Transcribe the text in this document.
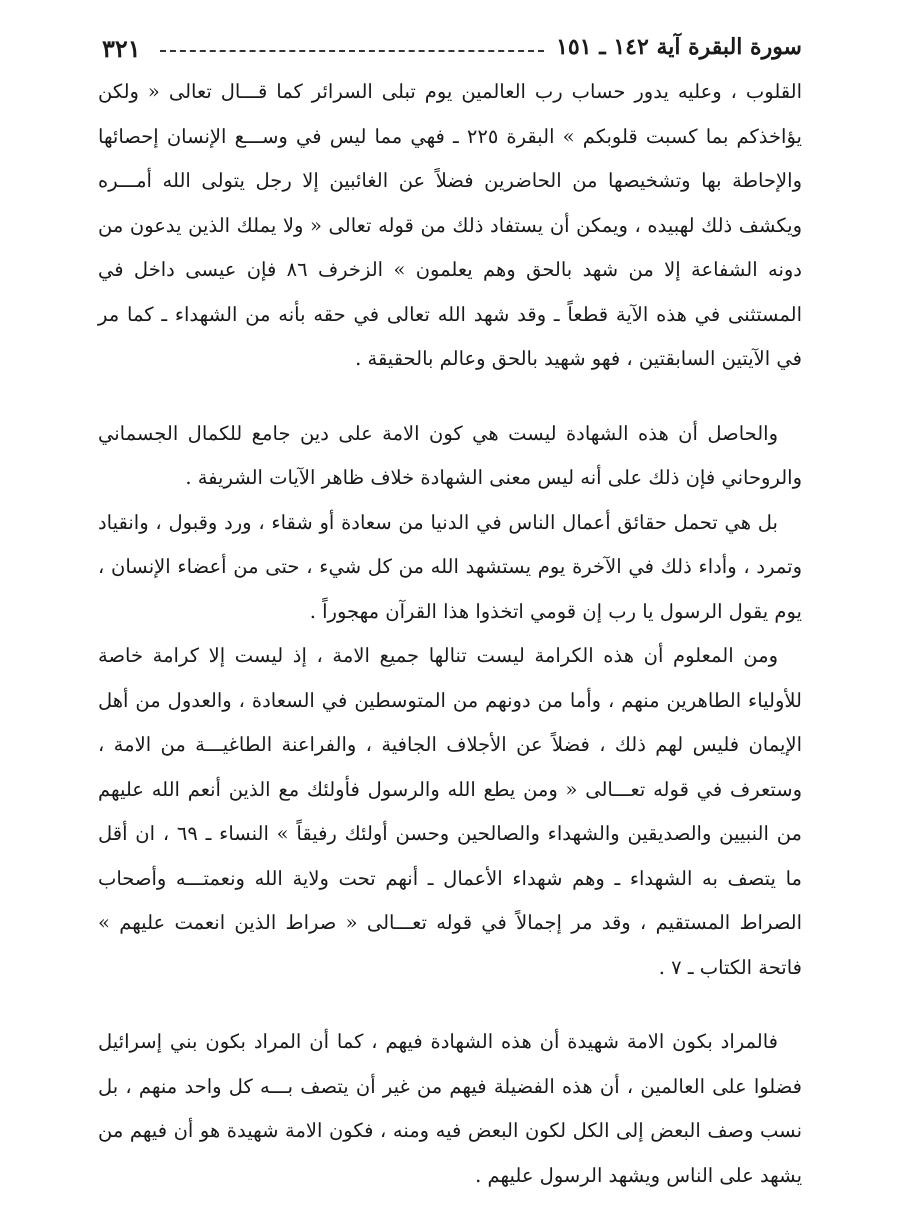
٣٢١	سورة البقرة آية ١٤٢ ـ ١٥١

القلوب ، وعليه يدور حساب رب العالمين يوم تبلى السرائر كما قـــال تعالى « ولكن يؤاخذكم بما كسبت قلوبكم » البقرة ٢٢٥ ـ فهي مما ليس في وســـع الإنسان إحصائها والإحاطة بها وتشخيصها من الحاضرين فضلاً عن الغائبين إلا رجل يتولى الله أمـــره ويكشف ذلك لهبيده ، ويمكن أن يستفاد ذلك من قوله تعالى « ولا يملك الذين يدعون من دونه الشفاعة إلا من شهد بالحق وهم يعلمون » الزخرف ٨٦ فإن عيسى داخل في المستثنى في هذه الآية قطعاً ـ وقد شهد الله تعالى في حقه بأنه من الشهداء ـ كما مر في الآيتين السابقتين ، فهو شهيد بالحق وعالم بالحقيقة .

والحاصل أن هذه الشهادة ليست هي كون الامة على دين جامع للكمال الجسماني والروحاني فإن ذلك على أنه ليس معنى الشهادة خلاف ظاهر الآيات الشريفة .

بل هي تحمل حقائق أعمال الناس في الدنيا من سعادة أو شقاء ، ورد وقبول ، وانقياد وتمرد ، وأداء ذلك في الآخرة يوم يستشهد الله من كل شيء ، حتى من أعضاء الإنسان ، يوم يقول الرسول يا رب إن قومي اتخذوا هذا القرآن مهجوراً .

ومن المعلوم أن هذه الكرامة ليست تنالها جميع الامة ، إذ ليست إلا كرامة خاصة للأولياء الطاهرين منهم ، وأما من دونهم من المتوسطين في السعادة ، والعدول من أهل الإيمان فليس لهم ذلك ، فضلاً عن الأجلاف الجافية ، والفراعنة الطاغيـــة من الامة ، وستعرف في قوله تعـــالى « ومن يطع الله والرسول فأولئك مع الذين أنعم الله عليهم من النبيين والصديقين والشهداء والصالحين وحسن أولئك رفيقاً » النساء ـ ٦٩ ، ان أقل ما يتصف به الشهداء ـ وهم شهداء الأعمال ـ أنهم تحت ولاية الله ونعمتـــه وأصحاب الصراط المستقيم ، وقد مر إجمالاً في قوله تعـــالى « صراط الذين انعمت عليهم » فاتحة الكتاب ـ ٧ .

فالمراد بكون الامة شهيدة أن هذه الشهادة فيهم ، كما أن المراد بكون بني إسرائيل فضلوا على العالمين ، أن هذه الفضيلة فيهم من غير أن يتصف بـــه كل واحد منهم ، بل نسب وصف البعض إلى الكل لكون البعض فيه ومنه ، فكون الامة شهيدة هو أن فيهم من يشهد على الناس ويشهد الرسول عليهم .
